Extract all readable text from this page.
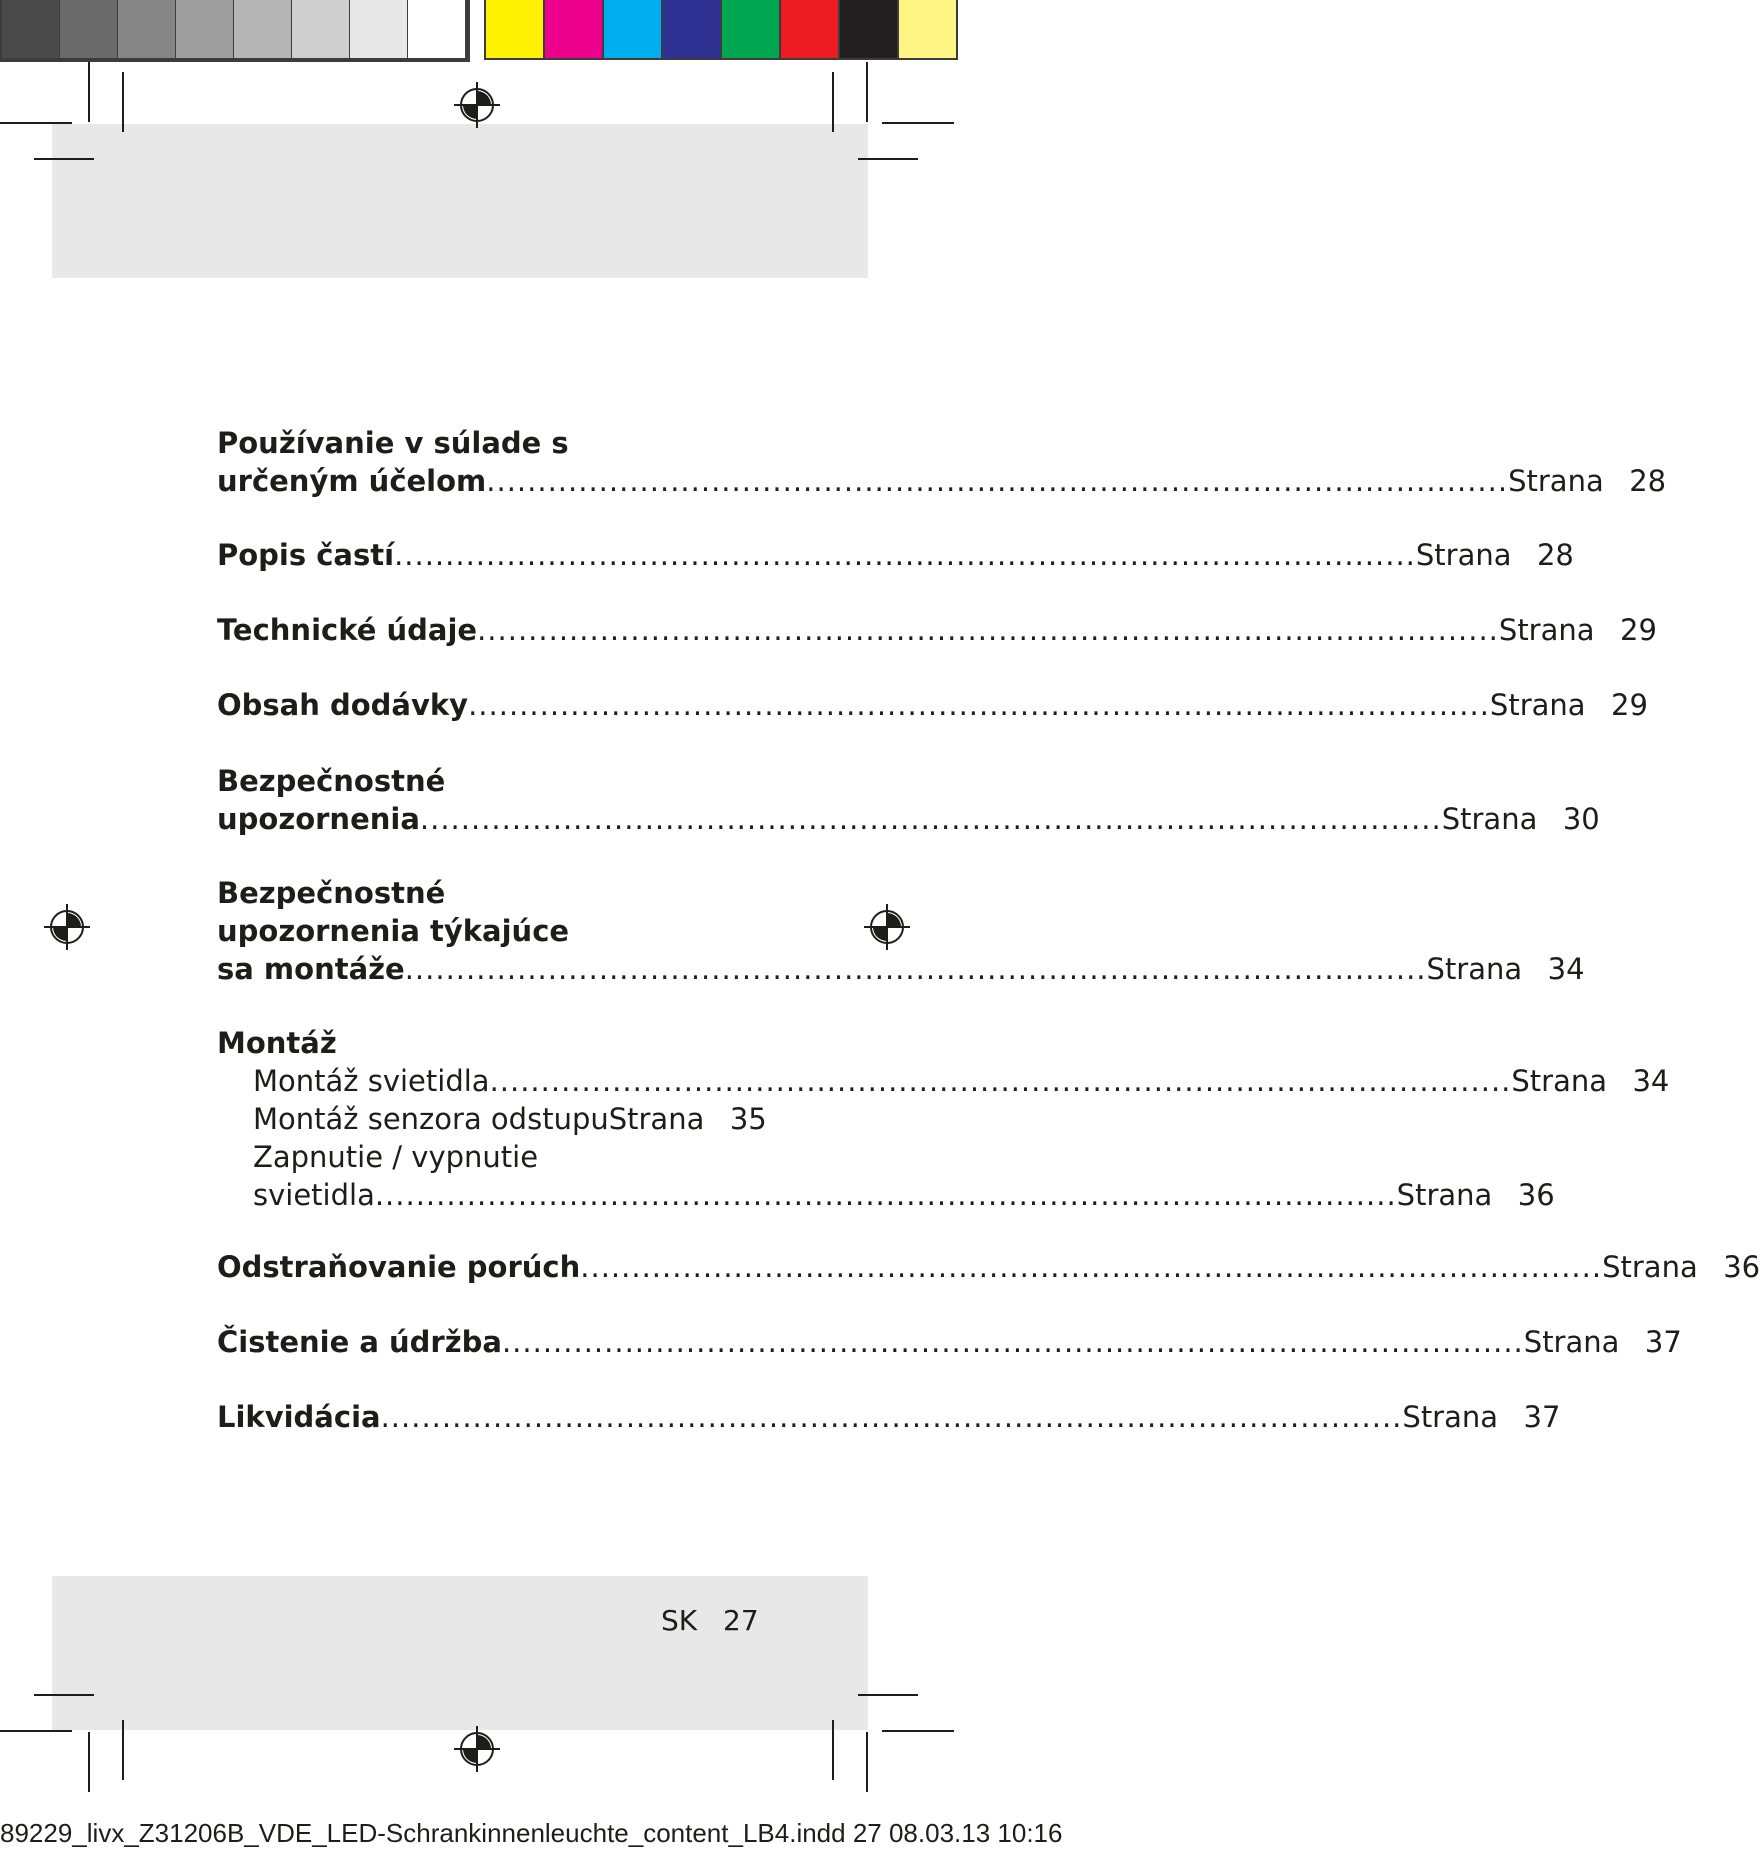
Používanie v súlade s
určeným účelom .....	Strana 28
Popis častí .....	Strana 28
Technické údaje .....	Strana 29
Obsah dodávky .....	Strana 29
Bezpečnostné
upozornenia .....	Strana 30
Bezpečnostné
upozornenia týkajúce
sa montáže .....	Strana 34
Montáž
Montáž svietidla .....	Strana 34
Montáž senzora odstupu Strana 35
Zapnutie / vypnutie
svietidla .....	Strana 36
Odstraňovanie porúch .....	Strana 36
Čistenie a údržba .....	Strana 37
Likvidácia .....	Strana 37
SK 27
89229_livx_Z31206B_VDE_LED-Schrankinnenleuchte_content_LB4.indd 27 08.03.13 10:16
